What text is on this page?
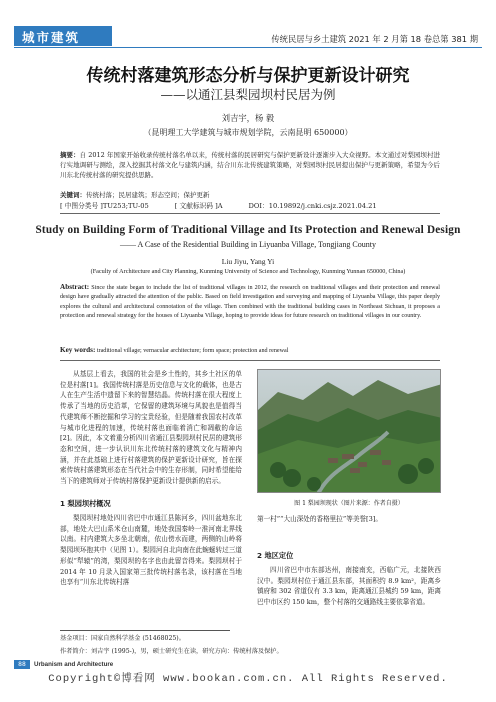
城市建筑	传统民居与乡土建筑 2021 年 2 月第 18 卷总第 381 期
传统村落建筑形态分析与保护更新设计研究
——以通江县梨园坝村民居为例
刘吉宇，杨 毅
（昆明理工大学建筑与城市规划学院，云南昆明 650000）
摘要：自 2012 年国家开始收录传统村落名单以来，传统村落的民居研究与保护更新设计逐渐步入大众视野。本文通过对梨园坝村进行实地调研与测绘，深入挖掘其村落文化与建筑内涵，结合川东北传统建筑策略，对梨园坝村民居提出保护与更新策略，希望为今后川东北传统村落的研究提供思路。
关键词：传统村落；民居建筑；形态空间；保护更新
[ 中图分类号 ]TU253;TU-05	[ 文献标识码 ]A	DOI：10.19892/j.cnki.csjz.2021.04.21
Study on Building Form of Traditional Village and Its Protection and Renewal Design
—— A Case of the Residential Building in Liyuanba Village, Tongjiang County
Liu Jiyu, Yang Yi
(Faculty of Architecture and City Planning, Kunming University of Science and Technology, Kunming Yunnan 650000, China)
Abstract: Since the state began to include the list of traditional villages in 2012, the research on traditional villages and their protection and renewal design have gradually attracted the attention of the public. Based on field investigation and surveying and mapping of Liyuanba Village, this paper deeply explores the cultural and architectural connotation of the village. Then combined with the traditional building cases in Northeast Sichuan, it proposes a protection and renewal strategy for the houses of Liyuanba Village, hoping to provide ideas for future research on traditional villages in our country.
Key words: traditional village; vernacular architecture; form space; protection and renewal
从基层上看去，我国的社会是乡土性的，其乡土社区的单位是村落[1]。我国传统村落是历史信息与文化的载体，也是古人在生产生活中遗留下来的智慧结晶。传统村落在很大程度上传承了当地的历史沿革，它保留的建筑环境与风貌也是值得当代建筑师不断挖掘和学习的宝贵经验，但是随着我国农村改革与城市化进程的加速，传统村落也面临着消亡和凋敝的命运[2]。因此，本文着重分析四川省通江县梨园坝村民居的建筑形态和空间，进一步认识川东北传统村落的建筑文化与精神内涵，并在此基础上进行村落建筑的保护更新设计研究，旨在探索传统村落建筑形态在当代社会中的生存形制，同时希望能给当下的建筑师对于传统村落保护更新设计提供新的启示。
1 梨园坝村概况
梨园坝村地处四川省巴中市通江县陈河乡，四川盆地东北部，地处大巴山系米仓山南麓，地处我国秦岭一淮河南北界线以南。村内建筑大多坐北朝南，依山傍水而建，两侧的山岭将梨园坝环抱其中（见图 1）。梨园河自北向南在此蜿蜒转过三道形似“犁辕”的湾，梨园坝的名字也由此留音得来。梨园坝村于 2014 年 10 月录入国家第三批传统村落名录，该村落在当地也享有“川东北传统村落
图 1 梨园坝现状（图片来源：作者自摄）
第一村”“大山深处的香格里拉”等美誉[3]。
2 地区定位
四川省巴中市东部达州，南接南充，西临广元，北接陕西汉中。梨园坝村位于通江县东部，其面积约 8.9 km²，距离乡镇府和 302 省道仅有 3.3 km，距离通江县城约 59 km，距离巴中市区约 150 km，整个村落的交通路线主要依靠省道。
基金项目：国家自然科学基金 (51468025)。
作者简介：刘吉宇 (1995-)，男，硕士研究生在读，研究方向：传统村落及保护。
88	Urbanism and Architecture
Copyright©博看网 www.bookan.com.cn. All Rights Reserved.
